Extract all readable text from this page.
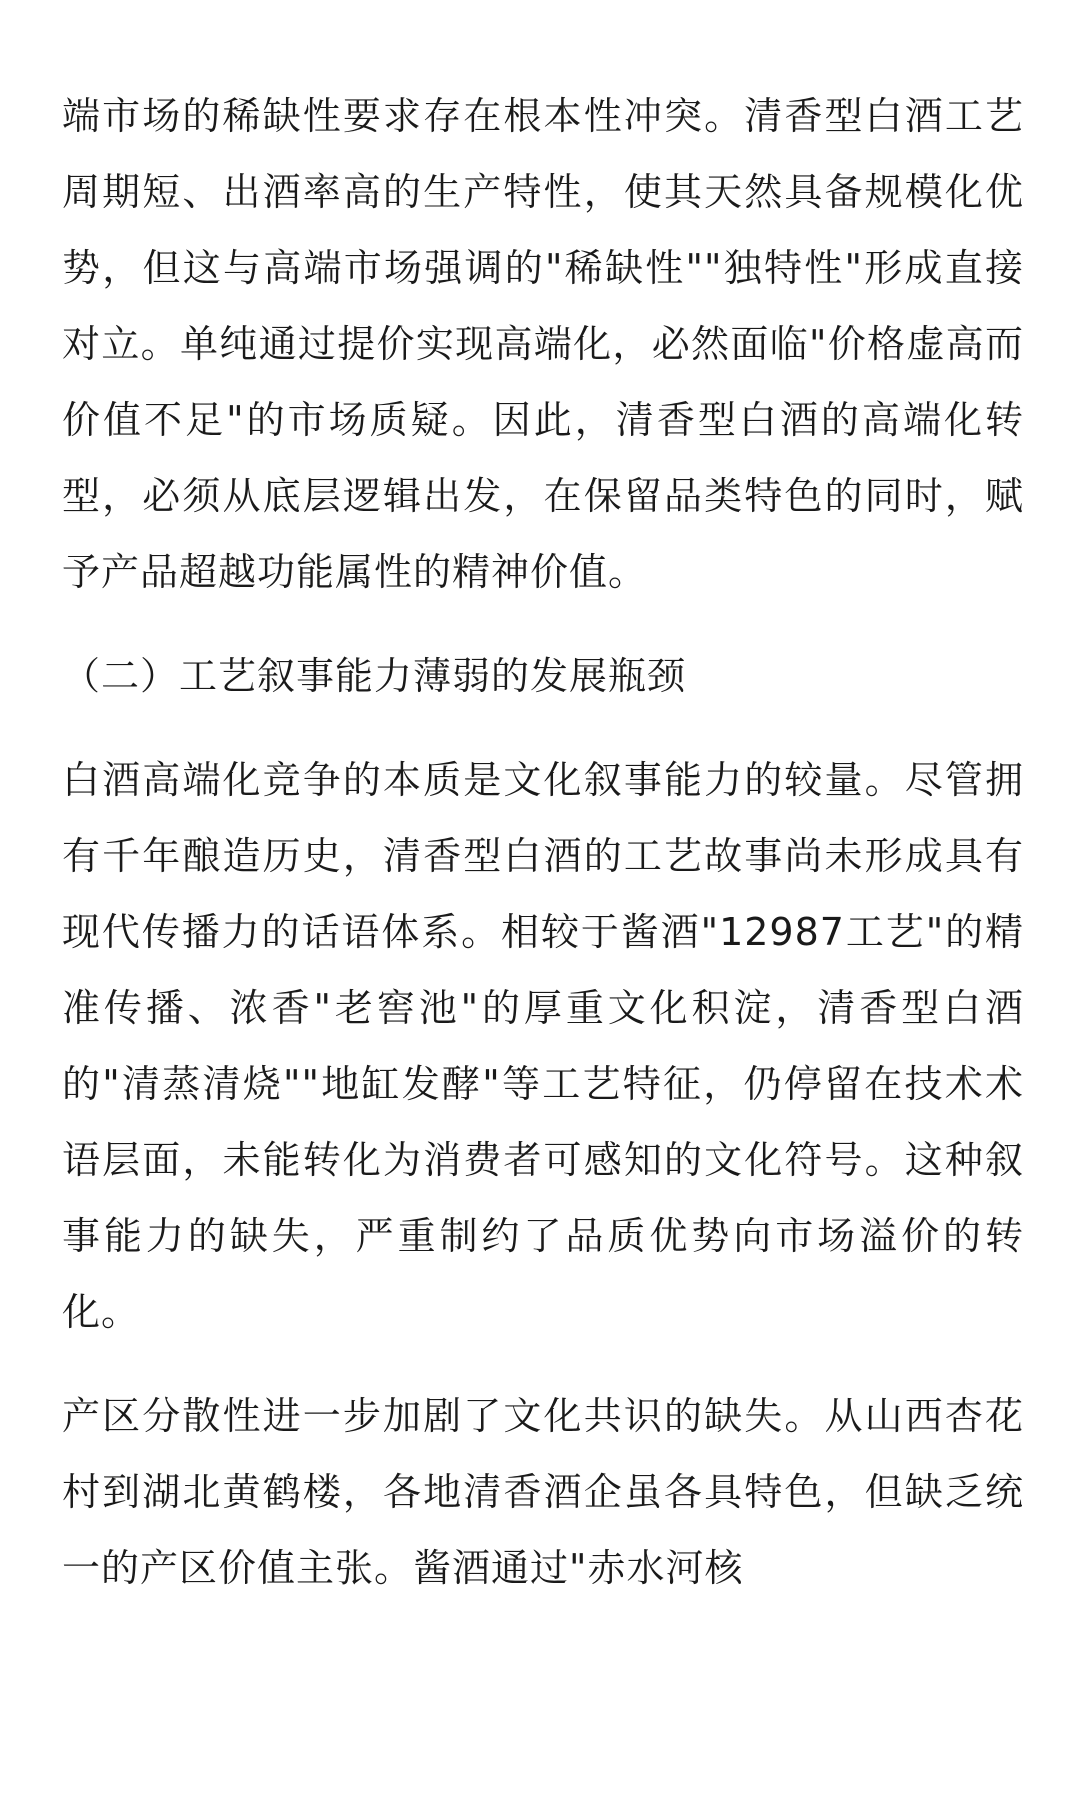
端市场的稀缺性要求存在根本性冲突。清香型白酒工艺周期短、出酒率高的生产特性，使其天然具备规模化优势，但这与高端市场强调的"稀缺性""独特性"形成直接对立。单纯通过提价实现高端化，必然面临"价格虚高而价值不足"的市场质疑。因此，清香型白酒的高端化转型，必须从底层逻辑出发，在保留品类特色的同时，赋予产品超越功能属性的精神价值。

（二）工艺叙事能力薄弱的发展瓶颈

白酒高端化竞争的本质是文化叙事能力的较量。尽管拥有千年酿造历史，清香型白酒的工艺故事尚未形成具有现代传播力的话语体系。相较于酱酒"12987工艺"的精准传播、浓香"老窖池"的厚重文化积淀，清香型白酒的"清蒸清烧""地缸发酵"等工艺特征，仍停留在技术术语层面，未能转化为消费者可感知的文化符号。这种叙事能力的缺失，严重制约了品质优势向市场溢价的转化。

产区分散性进一步加剧了文化共识的缺失。从山西杏花村到湖北黄鹤楼，各地清香酒企虽各具特色，但缺乏统一的产区价值主张。酱酒通过"赤水河核
